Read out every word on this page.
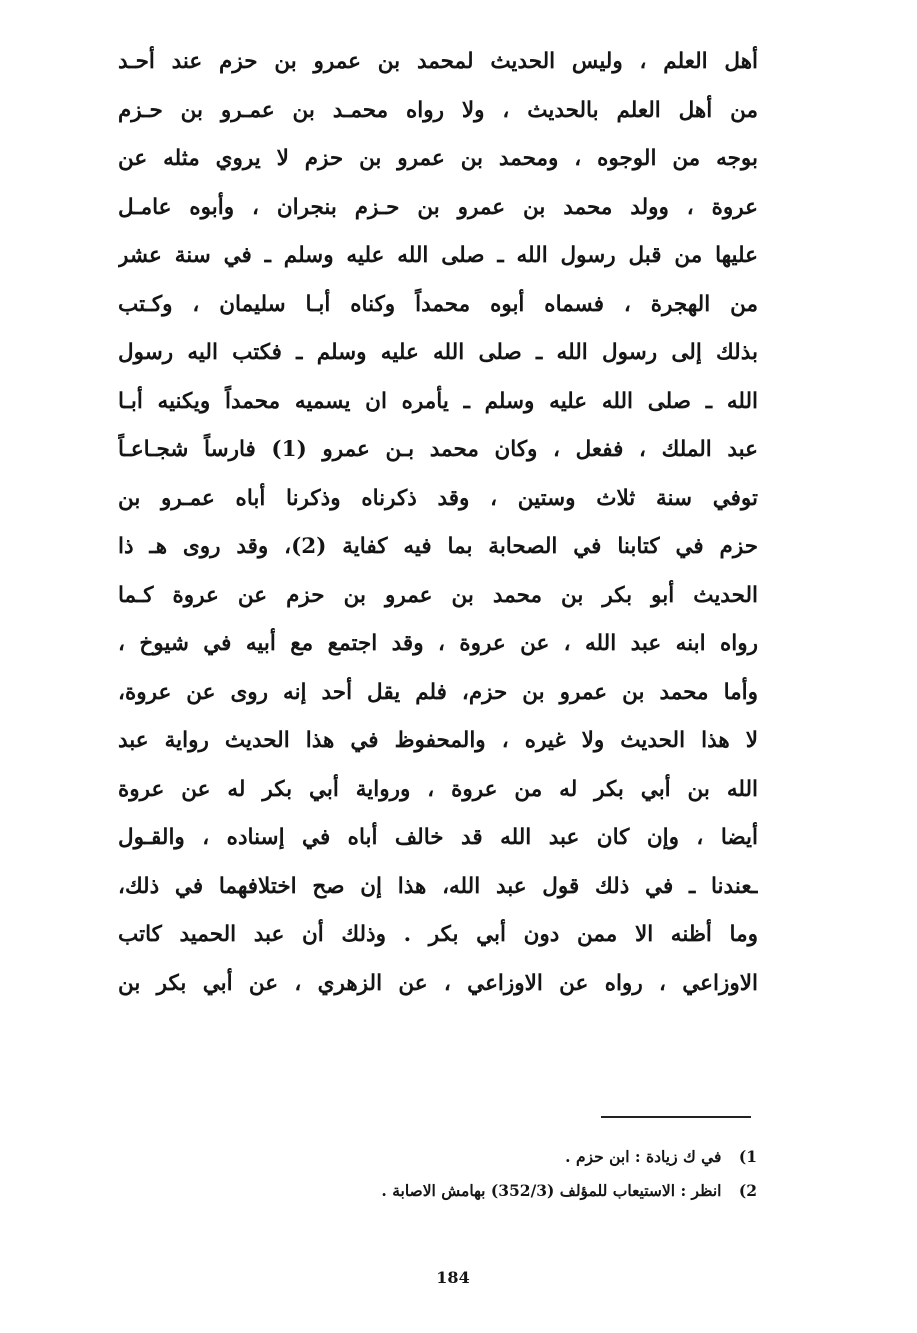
أهل العلم ، وليس الحديث لمحمد بن عمرو بن حزم عند أحـد
من أهل العلم بالحديث ، ولا رواه محمـد بن عمـرو بن حـزم
بوجه من الوجوه ، ومحمد بن عمرو بن حزم لا يروي مثله عن
عروة ، وولد محمد بن عمرو بن حـزم بنجران ، وأبوه عامـل
عليها من قبل رسول الله ـ صلى الله عليه وسلم ـ في سنة عشر
من الهجرة ، فسماه أبوه محمداً وكناه أبـا سليمان ، وكـتب
بذلك إلى رسول الله ـ صلى الله عليه وسلم ـ فكتب اليه رسول
الله ـ صلى الله عليه وسلم ـ يأمره ان يسميه محمداً ويكنيه أبـا
عبد الملك ، ففعل ، وكان محمد بـن عمرو (1) فارساً شجـاعـاً
توفي سنة ثلاث وستين ، وقد ذكرناه وذكرنا أباه عمـرو بن
حزم في كتابنا في الصحابة بما فيه كفاية (2)، وقد روى هـ ذا
الحديث أبو بكر بن محمد بن عمرو بن حزم عن عروة كـما
رواه ابنه عبد الله ، عن عروة ، وقد اجتمع مع أبيه في شيوخ ،
وأما محمد بن عمرو بن حزم، فلم يقل أحد إنه روى عن عروة،
لا هذا الحديث ولا غيره ، والمحفوظ في هذا الحديث رواية عبد
الله بن أبي بكر له من عروة ، ورواية أبي بكر له عن عروة
أيضا ، وإن كان عبد الله قد خالف أباه في إسناده ، والقـول
ـعندنا ـ في ذلك قول عبد الله، هذا إن صح اختلافهما في ذلك،
وما أظنه الا ممن دون أبي بكر . وذلك أن عبد الحميد كاتب
الاوزاعي ، رواه عن الاوزاعي ، عن الزهري ، عن أبي بكر بن
1) في ك زيادة : ابن حزم .
2) انظر : الاستيعاب للمؤلف (352/3) بهامش الاصابة .
184
